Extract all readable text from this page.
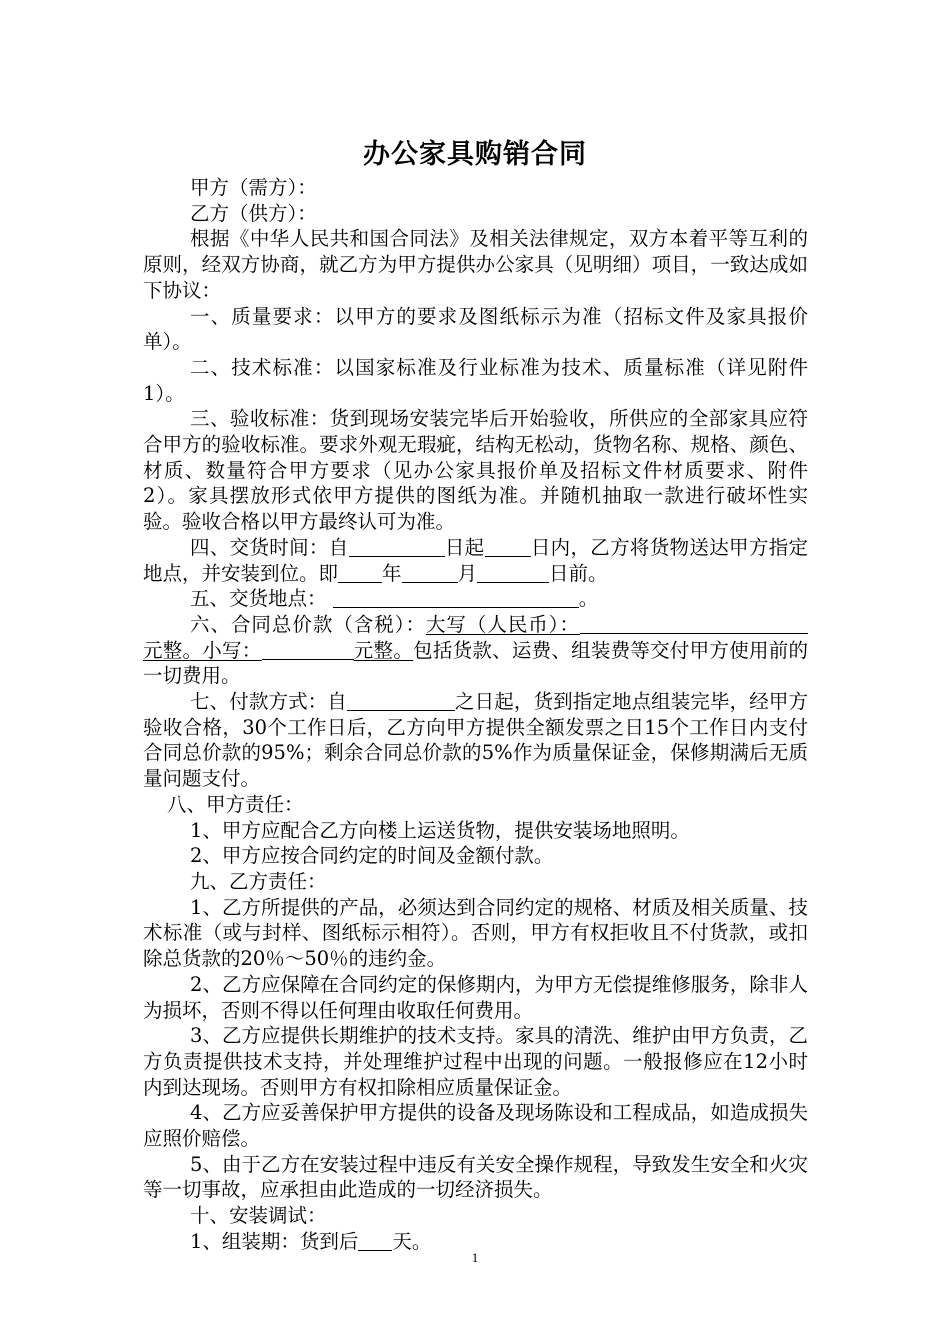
办公家具购销合同

甲方（需方）：

乙方（供方）：

根据《中华人民共和国合同法》及相关法律规定，双方本着平等互利的原则，经双方协商，就乙方为甲方提供办公家具（见明细）项目，一致达成如下协议：

一、质量要求：以甲方的要求及图纸标示为准（招标文件及家具报价单）。

二、技术标准：以国家标准及行业标准为技术、质量标准（详见附件1）。

三、验收标准：货到现场安装完毕后开始验收，所供应的全部家具应符合甲方的验收标准。要求外观无瑕疵，结构无松动，货物名称、规格、颜色、材质、数量符合甲方要求（见办公家具报价单及招标文件材质要求、附件2）。家具摆放形式依甲方提供的图纸为准。并随机抽取一款进行破坏性实验。验收合格以甲方最终认可为准。

四、交货时间：自	日起 日内，乙方将货物送达甲方指定地点，并安装到位。即 年	月	日前。

五、交货地点：	。

六、合同总价款（含税）：大写（人民币）：元整。小写：	元整。包括货款、运费、组装费等交付甲方使用前的一切费用。

七、付款方式：自	之日起，货到指定地点组装完毕，经甲方验收合格，30个工作日后，乙方向甲方提供全额发票之日15个工作日内支付合同总价款的95%；剩余合同总价款的5%作为质量保证金，保修期满后无质量问题支付。

八、甲方责任：

1、甲方应配合乙方向楼上运送货物，提供安装场地照明。

2、甲方应按合同约定的时间及金额付款。

九、乙方责任：

1、乙方所提供的产品，必须达到合同约定的规格、材质及相关质量、技术标准（或与封样、图纸标示相符）。否则，甲方有权拒收且不付货款，或扣除总货款的20％～50％的违约金。

2、乙方应保障在合同约定的保修期内，为甲方无偿提维修服务，除非人为损坏，否则不得以任何理由收取任何费用。

3、乙方应提供长期维护的技术支持。家具的清洗、维护由甲方负责，乙方负责提供技术支持，并处理维护过程中出现的问题。一般报修应在12小时内到达现场。否则甲方有权扣除相应质量保证金。

4、乙方应妥善保护甲方提供的设备及现场陈设和工程成品，如造成损失应照价赔偿。

5、由于乙方在安装过程中违反有关安全操作规程，导致发生安全和火灾等一切事故，应承担由此造成的一切经济损失。

十、安装调试：

1、组装期：货到后 天。

1
